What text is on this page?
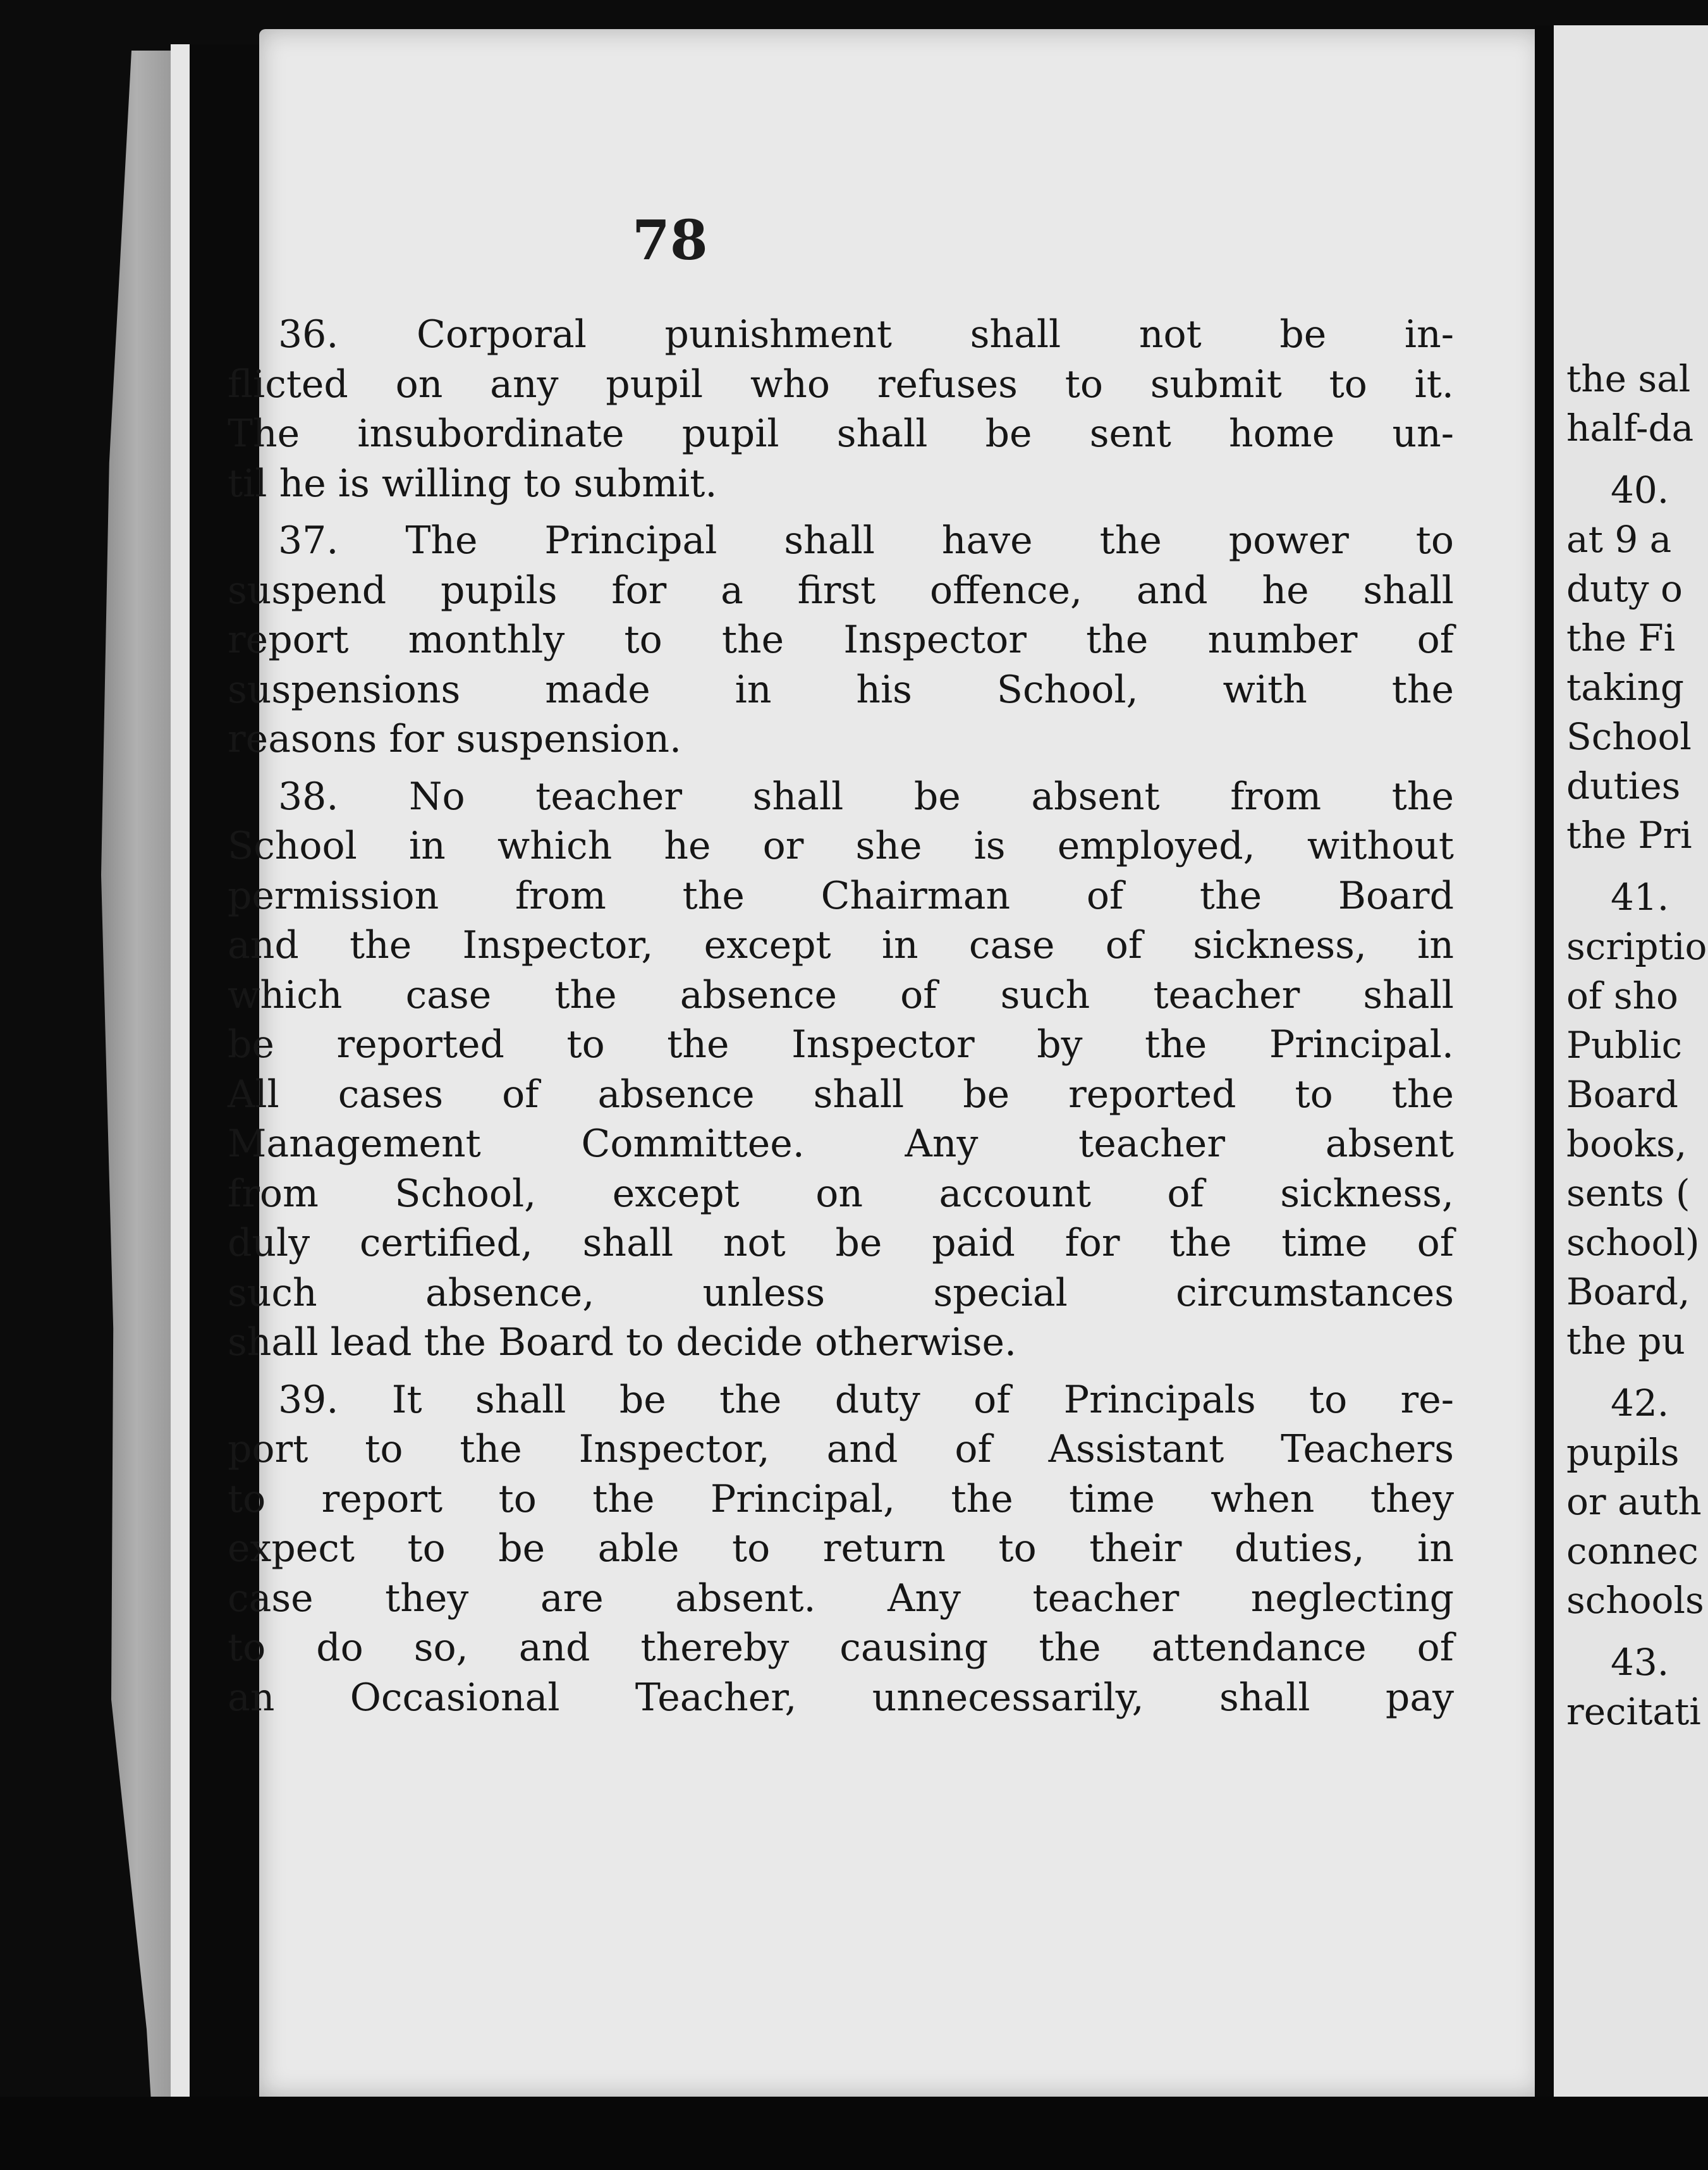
78

36. Corporal punishment shall not be in-
flicted on any pupil who refuses to submit to it.
The insubordinate pupil shall be sent home un-
til he is willing to submit.

37. The Principal shall have the power to
suspend pupils for a first offence, and he shall
report monthly to the Inspector the number of
suspensions made in his School, with the
reasons for suspension.

38. No teacher shall be absent from the
School in which he or she is employed, without
permission from the Chairman of the Board
and the Inspector, except in case of sickness, in
which case the absence of such teacher shall
be reported to the Inspector by the Principal.
All cases of absence shall be reported to the
Management Committee. Any teacher absent
from School, except on account of sickness,
duly certified, shall not be paid for the time of
such absence, unless special circumstances
shall lead the Board to decide otherwise.

39. It shall be the duty of Principals to re-
port to the Inspector, and of Assistant Teachers
to report to the Principal, the time when they
expect to be able to return to their duties, in
case they are absent. Any teacher neglecting
to do so, and thereby causing the attendance of
an Occasional Teacher, unnecessarily, shall pay

the sal
half-da
40.
at 9 a
duty o
the Fi
taking
School
duties
the Pri
41.
scriptio
of sho
Public
Board
books,
sents (
school)
Board,
the pu
42.
pupils
or auth
connec
schools
43.
recitati
